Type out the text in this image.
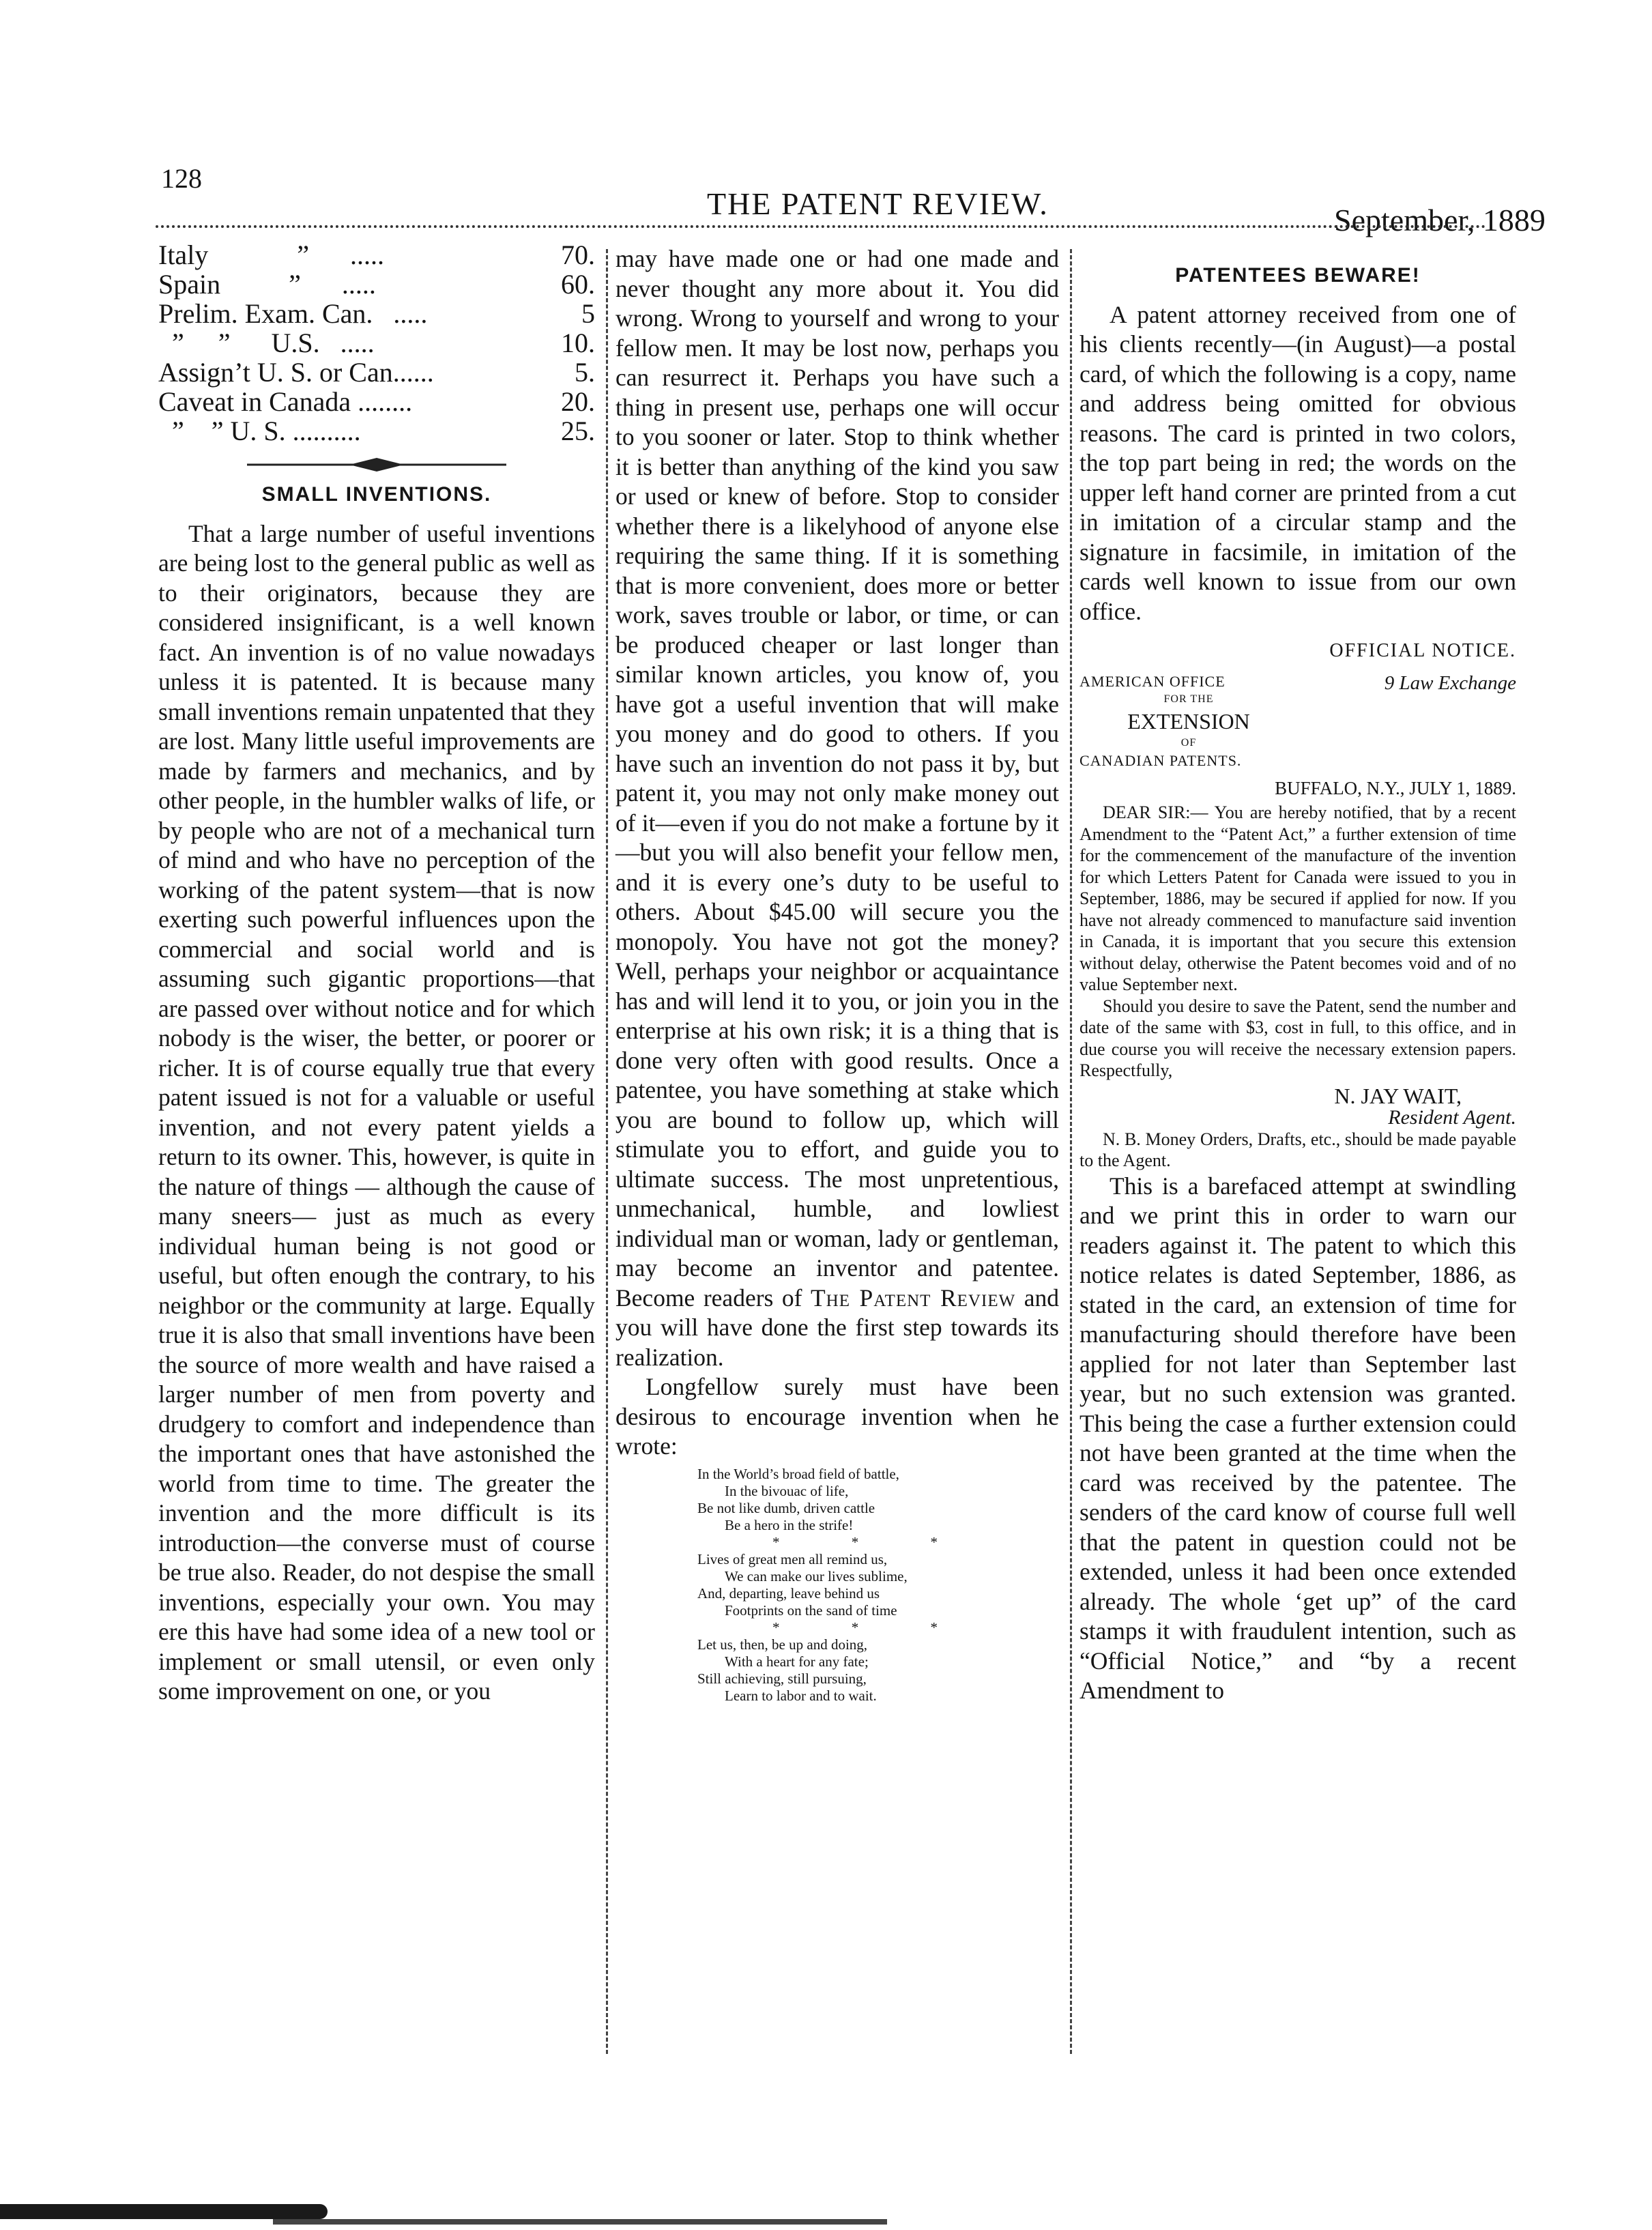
128
THE PATENT REVIEW.	September, 1889
Italy             ”      .....	70.
Spain          ”      .....	60.
Prelim. Exam. Can.   .....	5
”     ”      U.S.   .....	10.
Assign’t U. S. or Can......	5.
Caveat in Canada ........	20.
”    ” U. S. ..........	25.
SMALL INVENTIONS.

That a large number of useful inventions are being lost to the general public as well as to their originators, because they are considered insignificant, is a well known fact. An invention is of no value nowadays unless it is patented. It is because many small inventions remain unpatented that they are lost. Many little useful improvements are made by farmers and mechanics, and by other people, in the humbler walks of life, or by people who are not of a mechanical turn of mind and who have no perception of the working of the patent system—that is now exerting such powerful influences upon the commercial and social world and is assuming such gigantic proportions—that are passed over without notice and for which nobody is the wiser, the better, or poorer or richer. It is of course equally true that every patent issued is not for a valuable or useful invention, and not every patent yields a return to its owner. This, however, is quite in the nature of things — although the cause of many sneers— just as much as every individual human being is not good or useful, but often enough the contrary, to his neighbor or the community at large. Equally true it is also that small inventions have been the source of more wealth and have raised a larger number of men from poverty and drudgery to comfort and independence than the important ones that have astonished the world from time to time. The greater the invention and the more difficult is its introduction—the converse must of course be true also. Reader, do not despise the small inventions, especially your own. You may ere this have had some idea of a new tool or implement or small utensil, or even only some improvement on one, or you

may have made one or had one made and never thought any more about it. You did wrong. Wrong to yourself and wrong to your fellow men. It may be lost now, perhaps you can resurrect it. Perhaps you have such a thing in present use, perhaps one will occur to you sooner or later. Stop to think whether it is better than anything of the kind you saw or used or knew of before. Stop to consider whether there is a likelyhood of anyone else requiring the same thing. If it is something that is more convenient, does more or better work, saves trouble or labor, or time, or can be produced cheaper or last longer than similar known articles, you know of, you have got a useful invention that will make you money and do good to others. If you have such an invention do not pass it by, but patent it, you may not only make money out of it—even if you do not make a fortune by it—but you will also benefit your fellow men, and it is every one’s duty to be useful to others. About $45.00 will secure you the monopoly. You have not got the money? Well, perhaps your neighbor or acquaintance has and will lend it to you, or join you in the enterprise at his own risk; it is a thing that is done very often with good results. Once a patentee, you have something at stake which you are bound to follow up, which will stimulate you to effort, and guide you to ultimate success. The most unpretentious, unmechanical, humble, and lowliest individual man or woman, lady or gentleman, may become an inventor and patentee. Become readers of The Patent Review and you will have done the first step towards its realization.

Longfellow surely must have been desirous to encourage invention when he wrote:

In the World’s broad field of battle,
In the bivouac of life,
Be not like dumb, driven cattle
Be a hero in the strife!
* * *
Lives of great men all remind us,
We can make our lives sublime,
And, departing, leave behind us
Footprints on the sand of time
* * *
Let us, then, be up and doing,
With a heart for any fate;
Still achieving, still pursuing,
Learn to labor and to wait.
PATENTEES BEWARE!

A patent attorney received from one of his clients recently—(in August)—a postal card, of which the following is a copy, name and address being omitted for obvious reasons. The card is printed in two colors, the top part being in red; the words on the upper left hand corner are printed from a cut in imitation of a circular stamp and the signature in facsimile, in imitation of the cards well known to issue from our own office.

OFFICIAL NOTICE.
AMERICAN OFFICE
FOR THE
EXTENSION
OF
CANADIAN PATENTS.
9 Law Exchange
BUFFALO, N.Y., JULY 1, 1889.

DEAR SIR:— You are hereby notified, that by a recent Amendment to the “Patent Act,” a further extension of time for the commencement of the manufacture of the invention for which Letters Patent for Canada were issued to you in September, 1886, may be secured if applied for now. If you have not already commenced to manufacture said invention in Canada, it is important that you secure this extension without delay, otherwise the Patent becomes void and of no value September next.

Should you desire to save the Patent, send the number and date of the same with $3, cost in full, to this office, and in due course you will receive the necessary extension papers. Respectfully,

N. JAY WAIT,
Resident Agent.

N. B. Money Orders, Drafts, etc., should be made payable to the Agent.

This is a barefaced attempt at swindling and we print this in order to warn our readers against it. The patent to which this notice relates is dated September, 1886, as stated in the card, an extension of time for manufacturing should therefore have been applied for not later than September last year, but no such extension was granted. This being the case a further extension could not have been granted at the time when the card was received by the patentee. The senders of the card know of course full well that the patent in question could not be extended, unless it had been once extended already. The whole ‘get up” of the card stamps it with fraudulent intention, such as “Official Notice,” and “by a recent Amendment to
